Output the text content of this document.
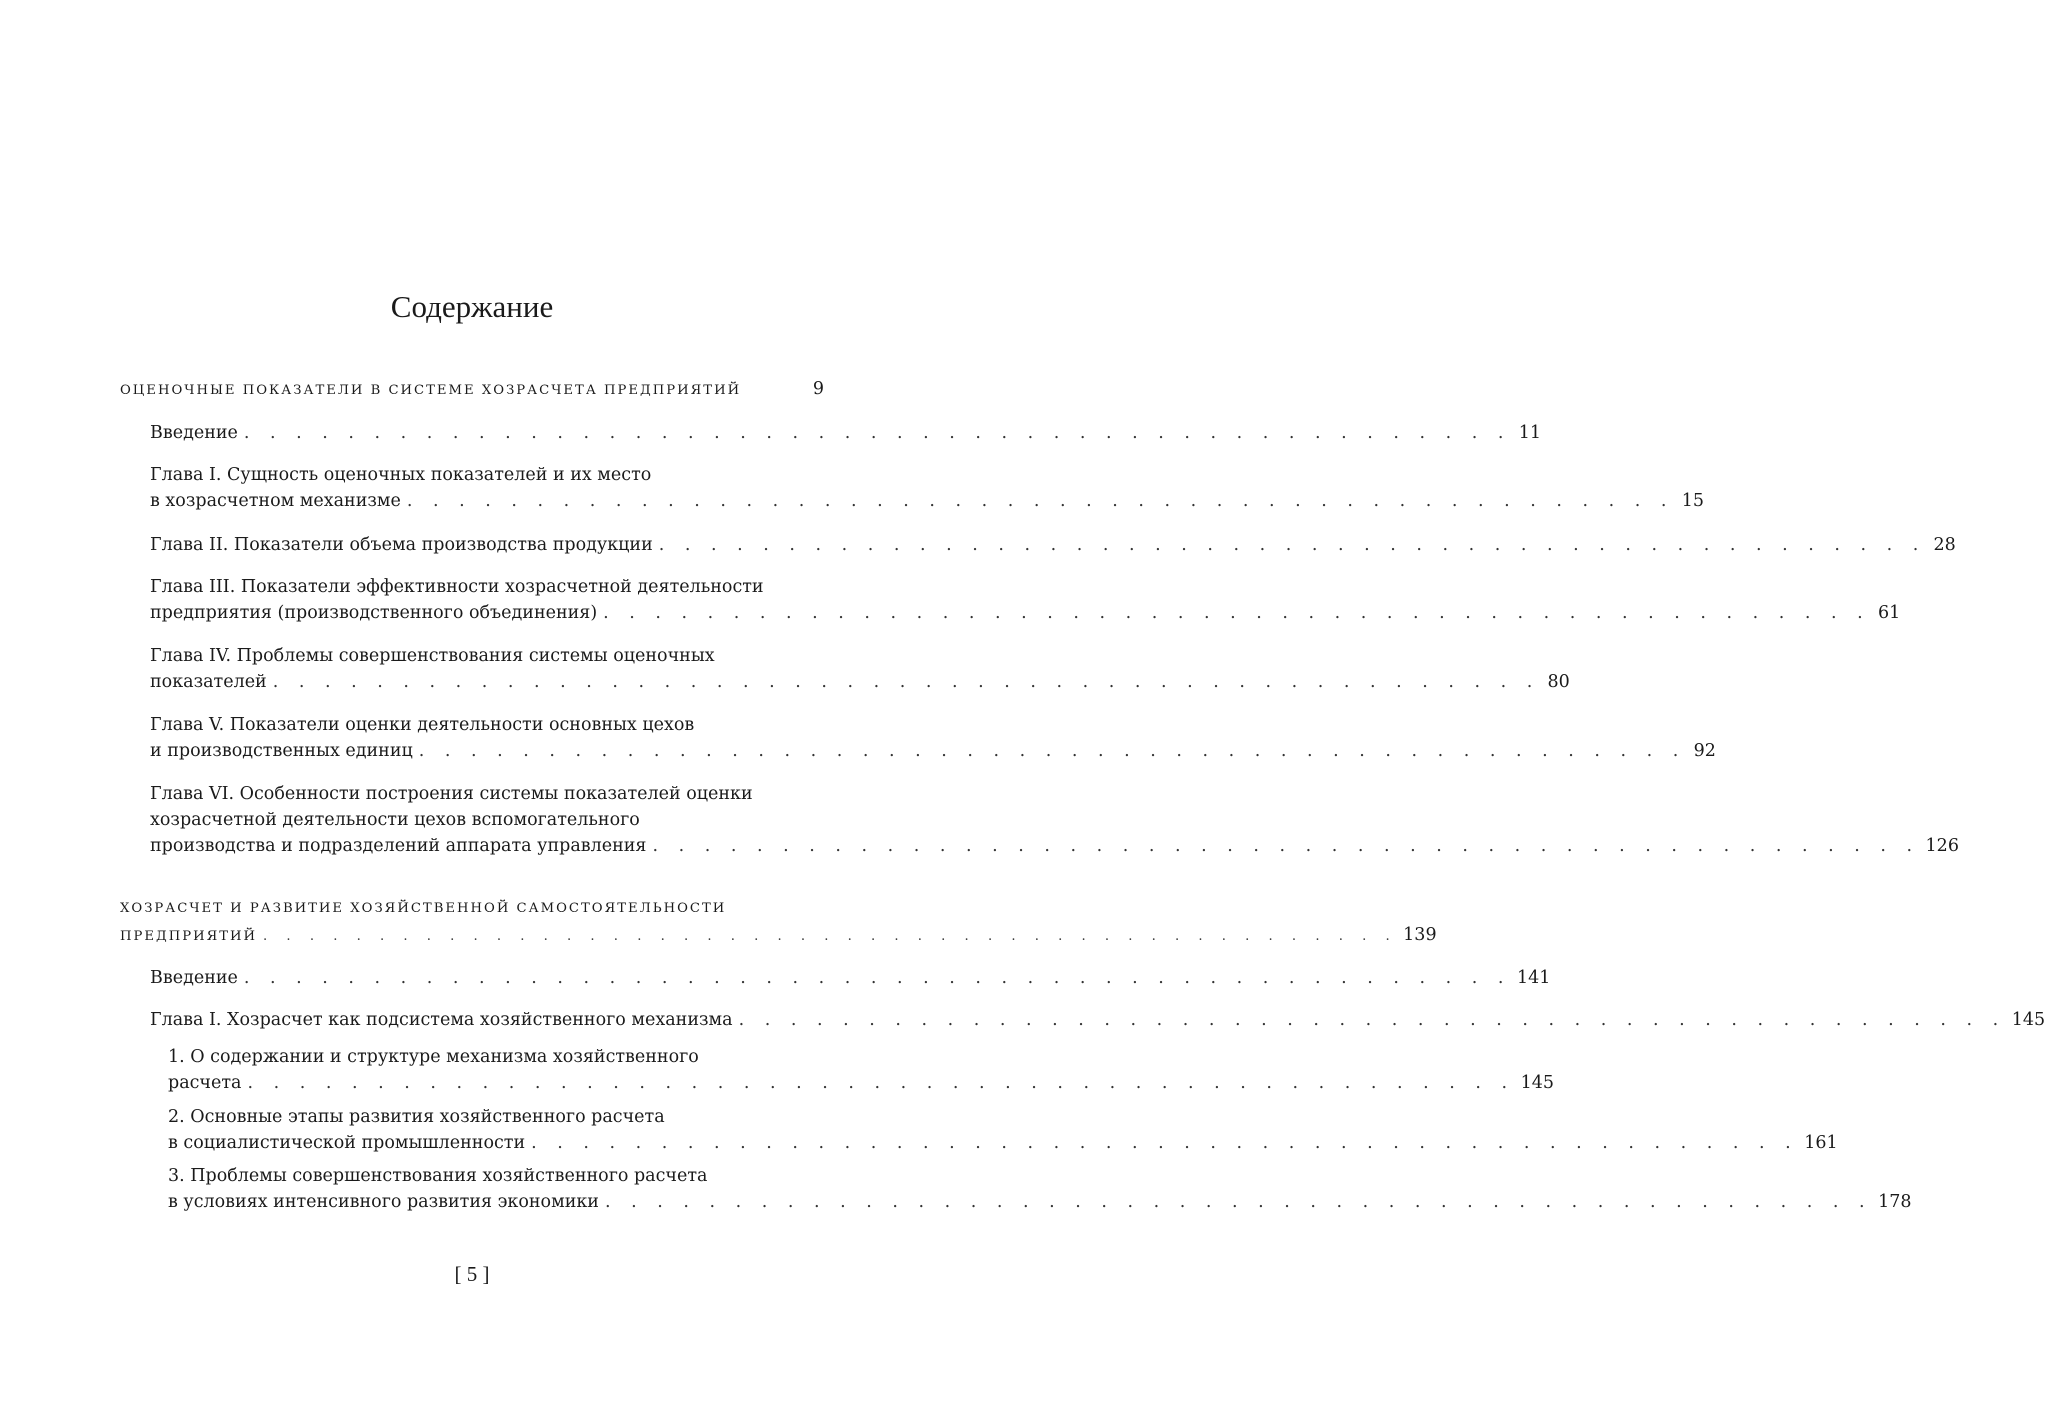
Содержание
ОЦЕНОЧНЫЕ ПОКАЗАТЕЛИ В СИСТЕМЕ ХОЗРАСЧЕТА ПРЕДПРИЯТИЙ	9
Введение . . . . . . . . . . . . . . . . . . . . . . . . . . . . . . . . . . . . . . . . . . . . . . . . . 11
Глава I. Сущность оценочных показателей и их место
в хозрасчетном механизме . . . . . . . . . . . . . . . . . . . . . . . . . . . . . . . . . . . . . . . . . . . . . . . . . 15
Глава II. Показатели объема производства продукции . . . . . . . . . . . . . . . . . . . . . . . . . . . . . . . . . . . . . . . . . . . . . . . . . 28
Глава III. Показатели эффективности хозрасчетной деятельности
предприятия (производственного объединения) . . . . . . . . . . . . . . . . . . . . . . . . . . . . . . . . . . . . . . . . . . . . . . . . . 61
Глава IV. Проблемы совершенствования системы оценочных
показателей . . . . . . . . . . . . . . . . . . . . . . . . . . . . . . . . . . . . . . . . . . . . . . . . . 80
Глава V. Показатели оценки деятельности основных цехов
и производственных единиц . . . . . . . . . . . . . . . . . . . . . . . . . . . . . . . . . . . . . . . . . . . . . . . . . 92
Глава VI. Особенности построения системы показателей оценки
хозрасчетной деятельности цехов вспомогательного
производства и подразделений аппарата управления . . . . . . . . . . . . . . . . . . . . . . . . . . . . . . . . . . . . . . . . . . . . . . . . . 126
ХОЗРАСЧЕТ И РАЗВИТИЕ ХОЗЯЙСТВЕННОЙ САМОСТОЯТЕЛЬНОСТИ
ПРЕДПРИЯТИЙ . . . . . . . . . . . . . . . . . . . . . . . . . . . . . . . . . . . . . . . . . . . . . . . . . 139
Введение . . . . . . . . . . . . . . . . . . . . . . . . . . . . . . . . . . . . . . . . . . . . . . . . . 141
Глава I. Хозрасчет как подсистема хозяйственного механизма . . . . . . . . . . . . . . . . . . . . . . . . . . . . . . . . . . . . . . . . . . . . . . . . . 145
1. О содержании и структуре механизма хозяйственного
расчета . . . . . . . . . . . . . . . . . . . . . . . . . . . . . . . . . . . . . . . . . . . . . . . . . 145
2. Основные этапы развития хозяйственного расчета
в социалистической промышленности . . . . . . . . . . . . . . . . . . . . . . . . . . . . . . . . . . . . . . . . . . . . . . . . . 161
3. Проблемы совершенствования хозяйственного расчета
в условиях интенсивного развития экономики . . . . . . . . . . . . . . . . . . . . . . . . . . . . . . . . . . . . . . . . . . . . . . . . . 178
[ 5 ]
